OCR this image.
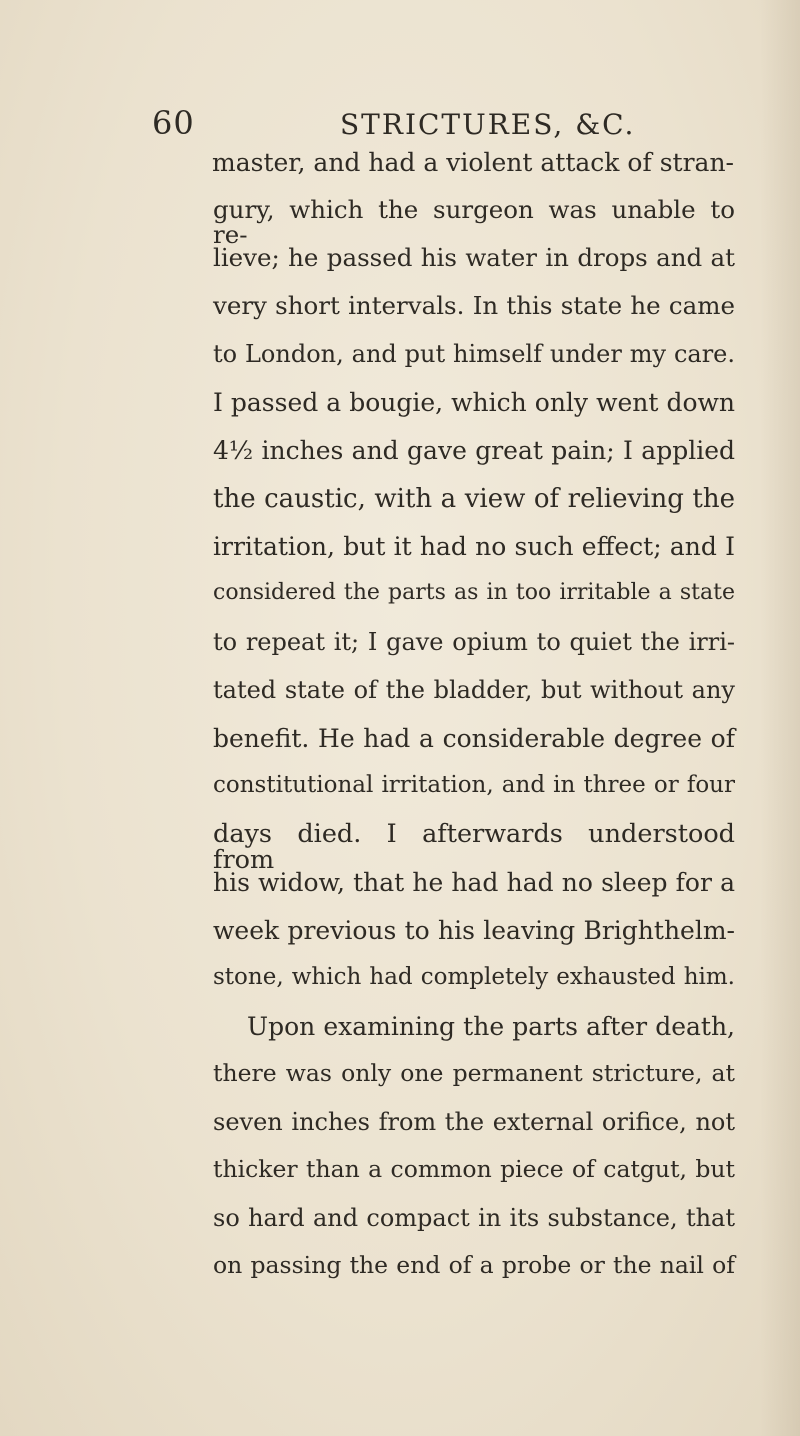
60	STRICTURES, &C.
master, and had a violent attack of stran-
gury, which the surgeon was unable to re-
lieve; he passed his water in drops and at
very short intervals. In this state he came
to London, and put himself under my care.
I passed a bougie, which only went down
4½ inches and gave great pain; I applied
the caustic, with a view of relieving the
irritation, but it had no such effect; and I
considered the parts as in too irritable a state
to repeat it; I gave opium to quiet the irri-
tated state of the bladder, but without any
benefit. He had a considerable degree of
constitutional irritation, and in three or four
days died. I afterwards understood from
his widow, that he had had no sleep for a
week previous to his leaving Brighthelm-
stone, which had completely exhausted him.
Upon examining the parts after death,
there was only one permanent stricture, at
seven inches from the external orifice, not
thicker than a common piece of catgut, but
so hard and compact in its substance, that
on passing the end of a probe or the nail of
